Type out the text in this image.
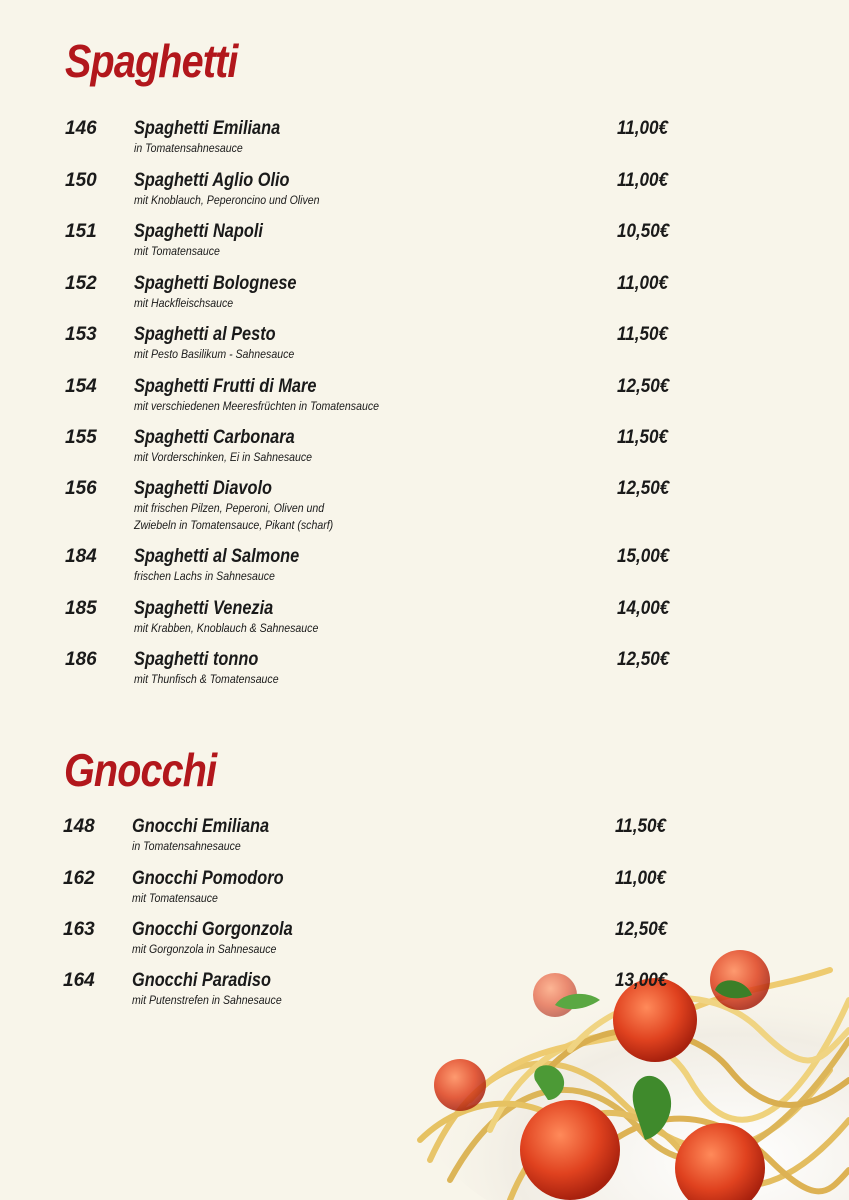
Spaghetti
146 Spaghetti Emiliana
in Tomatensahnesauce
11,00€
150 Spaghetti Aglio Olio
mit Knoblauch, Peperoncino und Oliven
11,00€
151 Spaghetti Napoli
mit Tomatensauce
10,50€
152 Spaghetti Bolognese
mit Hackfleischsauce
11,00€
153 Spaghetti al Pesto
mit Pesto Basilikum - Sahnesauce
11,50€
154 Spaghetti Frutti di Mare
mit verschiedenen Meeresfrüchten in Tomatensauce
12,50€
155 Spaghetti Carbonara
mit Vorderschinken, Ei in Sahnesauce
11,50€
156 Spaghetti Diavolo
mit frischen Pilzen, Peperoni, Oliven und
Zwiebeln in Tomatensauce, Pikant (scharf)
12,50€
184 Spaghetti al Salmone
frischen Lachs in Sahnesauce
15,00€
185 Spaghetti Venezia
mit Krabben, Knoblauch & Sahnesauce
14,00€
186 Spaghetti tonno
mit Thunfisch & Tomatensauce
12,50€
Gnocchi
148 Gnocchi Emiliana
in Tomatensahnesauce
11,50€
162 Gnocchi Pomodoro
mit Tomatensauce
11,00€
163 Gnocchi Gorgonzola
mit Gorgonzola in Sahnesauce
12,50€
164 Gnocchi Paradiso
mit Putenstrefen in Sahnesauce
13,00€
